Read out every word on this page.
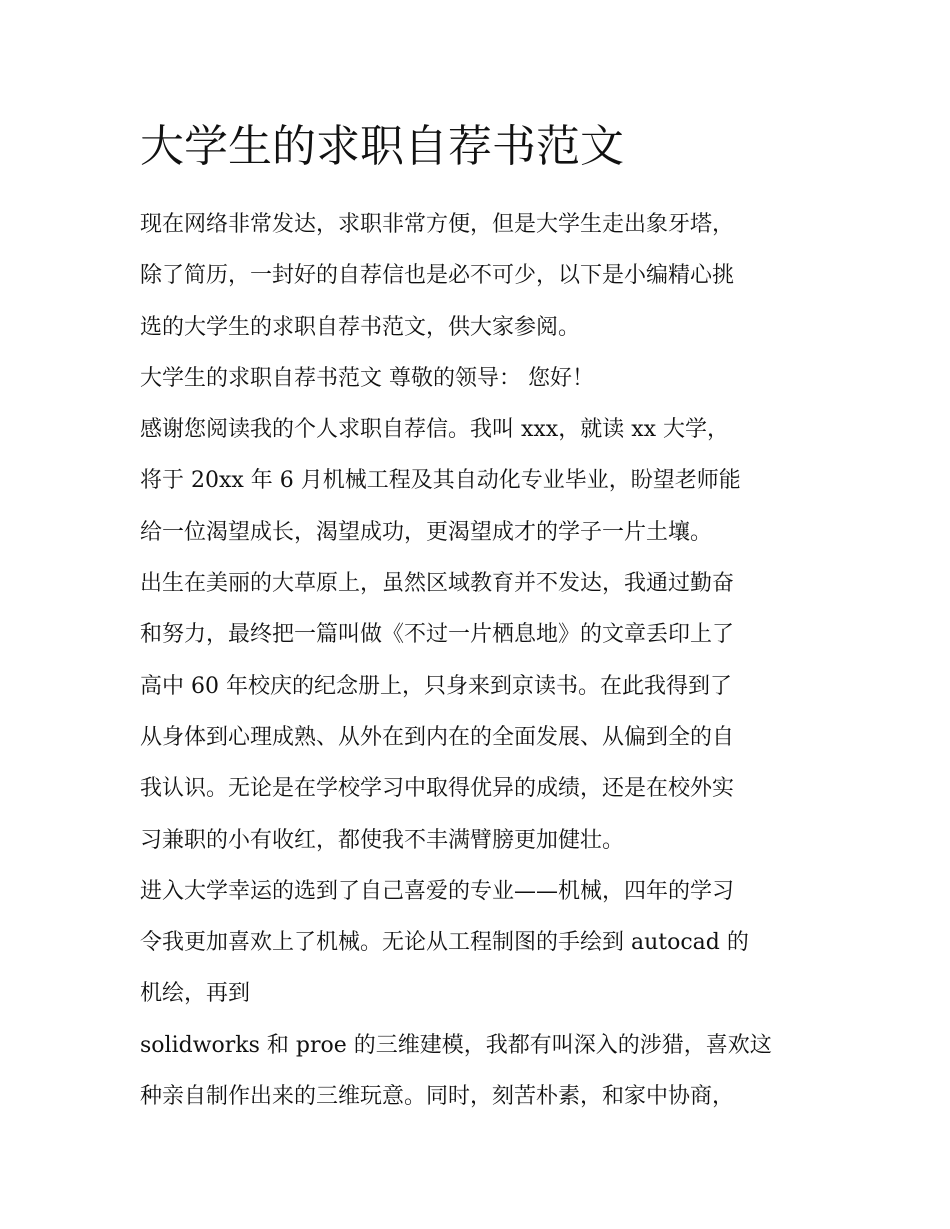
大学生的求职自荐书范文
现在网络非常发达，求职非常方便，但是大学生走出象牙塔，
除了简历，一封好的自荐信也是必不可少，以下是小编精心挑
选的大学生的求职自荐书范文，供大家参阅。
大学生的求职自荐书范文 尊敬的领导： 您好！
感谢您阅读我的个人求职自荐信。我叫 xxx，就读 xx 大学，
将于 20xx 年 6 月机械工程及其自动化专业毕业，盼望老师能
给一位渴望成长，渴望成功，更渴望成才的学子一片土壤。
出生在美丽的大草原上，虽然区域教育并不发达，我通过勤奋
和努力，最终把一篇叫做《不过一片栖息地》的文章丢印上了
高中 60 年校庆的纪念册上，只身来到京读书。在此我得到了
从身体到心理成熟、从外在到内在的全面发展、从偏到全的自
我认识。无论是在学校学习中取得优异的成绩，还是在校外实
习兼职的小有收红，都使我不丰满臂膀更加健壮。
进入大学幸运的选到了自己喜爱的专业——机械，四年的学习
令我更加喜欢上了机械。无论从工程制图的手绘到 autocad 的
机绘，再到
solidworks 和 proe 的三维建模，我都有叫深入的涉猎，喜欢这
种亲自制作出来的三维玩意。同时，刻苦朴素，和家中协商，
